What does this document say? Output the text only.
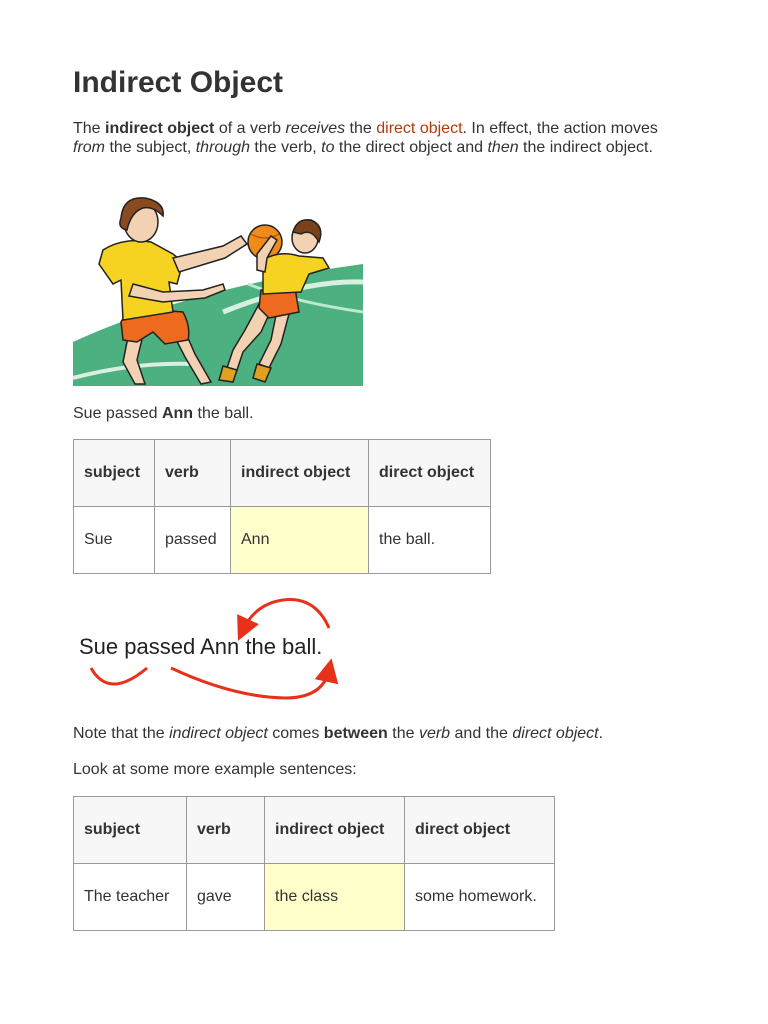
Indirect Object

The indirect object of a verb receives the direct object. In effect, the action moves from the subject, through the verb, to the direct object and then the indirect object.

Sue passed Ann the ball.

subject	verb	indirect object	direct object
Sue	passed	Ann	the ball.
Sue passed Ann the ball.

Note that the indirect object comes between the verb and the direct object.

Look at some more example sentences:

subject	verb	indirect object	direct object
The teacher	gave	the class	some homework.
